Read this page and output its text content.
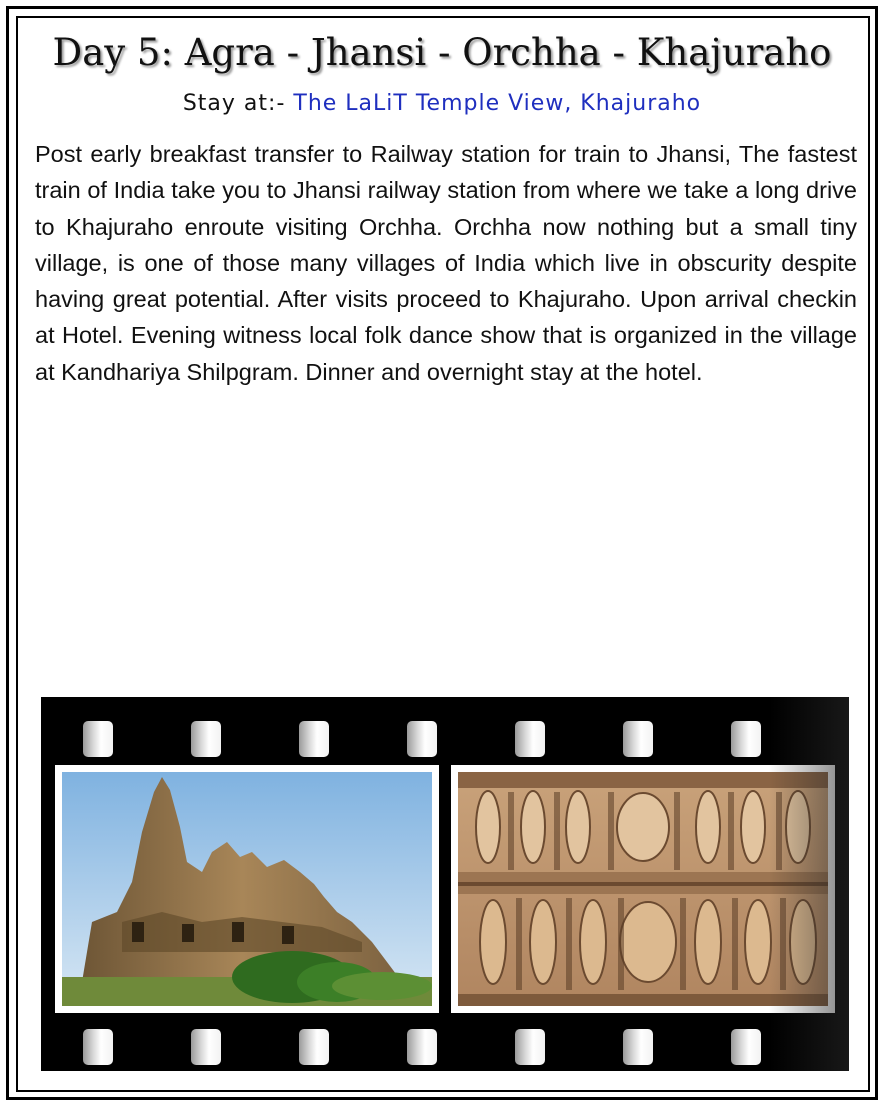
Day 5: Agra - Jhansi - Orchha - Khajuraho
Stay at:- The LaLiT Temple View, Khajuraho

Post early breakfast transfer to Railway station for train to Jhansi, The fastest train of India take you to Jhansi railway station from where we take a long drive to Khajuraho enroute visiting Orchha. Orchha now nothing but a small tiny village, is one of those many villages of India which live in obscurity despite having great potential. After visits proceed to Khajuraho. Upon arrival checkin at Hotel. Evening witness local folk dance show that is organized in the village at Kandhariya Shilpgram. Dinner and overnight stay at the hotel.
